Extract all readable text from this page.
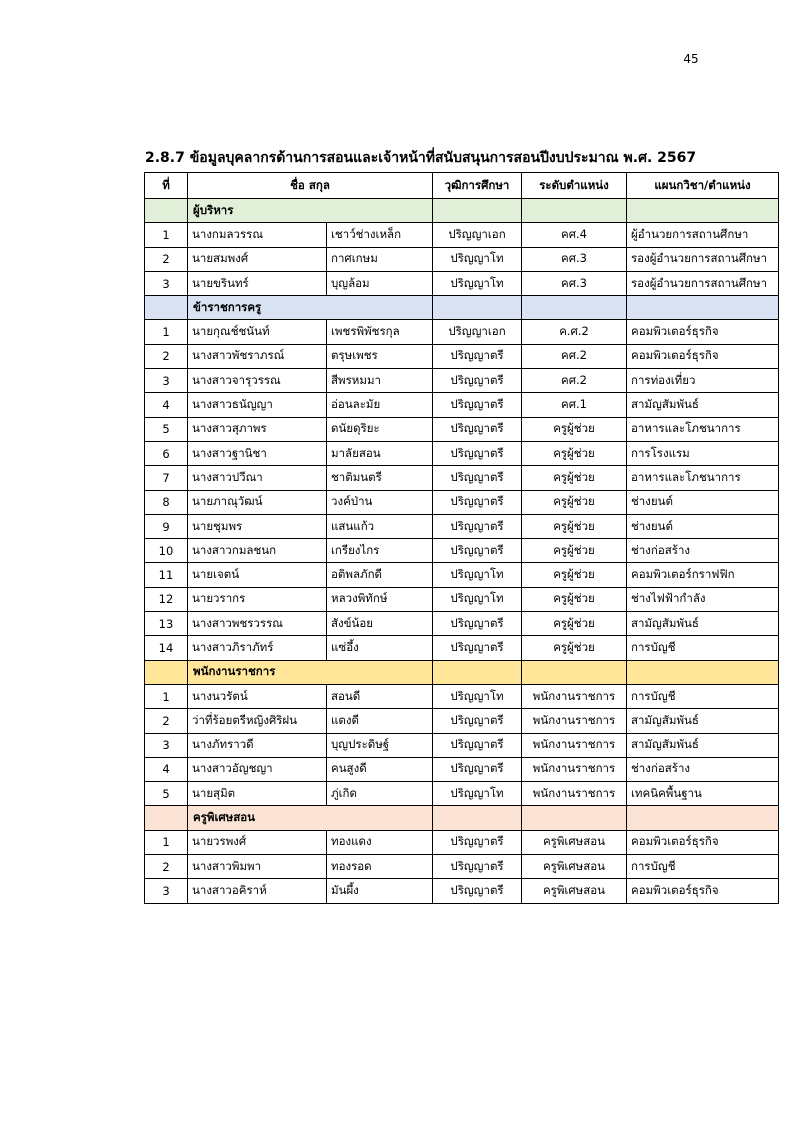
45
2.8.7 ข้อมูลบุคลากรด้านการสอนและเจ้าหน้าที่สนับสนุนการสอนปีงบประมาณ พ.ศ. 2567
ที่	ชื่อ สกุล		วุฒิการศึกษา	ระดับตำแหน่ง	แผนกวิชา/ตำแหน่ง
	ผู้บริหาร				
1	นางกมลวรรณ	เชาว์ช่างเหล็ก	ปริญญาเอก	คศ.4	ผู้อำนวยการสถานศึกษา
2	นายสมพงศ์	กาศเกษม	ปริญญาโท	คศ.3	รองผู้อำนวยการสถานศึกษา
3	นายขรินทร์	บุญล้อม	ปริญญาโท	คศ.3	รองผู้อำนวยการสถานศึกษา
	ข้าราชการครู				
1	นายกุณช์ชนันท์	เพชรพิพัชรกุล	ปริญญาเอก	ค.ศ.2	คอมพิวเตอร์ธุรกิจ
2	นางสาวพัชราภรณ์	ตรุษเพชร	ปริญญาตรี	คศ.2	คอมพิวเตอร์ธุรกิจ
3	นางสาวจารุวรรณ	สีพรหมมา	ปริญญาตรี	คศ.2	การท่องเที่ยว
4	นางสาวธนัญญา	อ่อนละมัย	ปริญญาตรี	คศ.1	สามัญสัมพันธ์
5	นางสาวสุภาพร	ดนัยดุริยะ	ปริญญาตรี	ครูผู้ช่วย	อาหารและโภชนาการ
6	นางสาวฐานิชา	มาลัยสอน	ปริญญาตรี	ครูผู้ช่วย	การโรงแรม
7	นางสาวปวีณา	ชาติมนตรี	ปริญญาตรี	ครูผู้ช่วย	อาหารและโภชนาการ
8	นายภาณุวัฒน์	วงค์ป่าน	ปริญญาตรี	ครูผู้ช่วย	ช่างยนต์
9	นายชุมพร	แสนแก้ว	ปริญญาตรี	ครูผู้ช่วย	ช่างยนต์
10	นางสาวกมลชนก	เกรียงไกร	ปริญญาตรี	ครูผู้ช่วย	ช่างก่อสร้าง
11	นายเจตน์	อติพลภักดี	ปริญญาโท	ครูผู้ช่วย	คอมพิวเตอร์กราฟฟิก
12	นายวรากร	หลวงพิทักษ์	ปริญญาโท	ครูผู้ช่วย	ช่างไฟฟ้ากำลัง
13	นางสาวพชรวรรณ	สังข์น้อย	ปริญญาตรี	ครูผู้ช่วย	สามัญสัมพันธ์
14	นางสาวภิราภัทร์	แซ่อึ้ง	ปริญญาตรี	ครูผู้ช่วย	การบัญชี
	พนักงานราชการ				
1	นางนวรัตน์	สอนดี	ปริญญาโท	พนักงานราชการ	การบัญชี
2	ว่าที่ร้อยตรีหญิงศิริฝน	แตงดี	ปริญญาตรี	พนักงานราชการ	สามัญสัมพันธ์
3	นางภัทราวดี	บุญประดิษฐ์	ปริญญาตรี	พนักงานราชการ	สามัญสัมพันธ์
4	นางสาวอัญชญา	คนสูงดี	ปริญญาตรี	พนักงานราชการ	ช่างก่อสร้าง
5	นายสุมิต	ภู่เกิด	ปริญญาโท	พนักงานราชการ	เทคนิคพื้นฐาน
	ครูพิเศษสอน				
1	นายวรพงศ์	ทองแดง	ปริญญาตรี	ครูพิเศษสอน	คอมพิวเตอร์ธุรกิจ
2	นางสาวพิมพา	ทองรอด	ปริญญาตรี	ครูพิเศษสอน	การบัญชี
3	นางสาวอคิราห์	มันผึ้ง	ปริญญาตรี	ครูพิเศษสอน	คอมพิวเตอร์ธุรกิจ
